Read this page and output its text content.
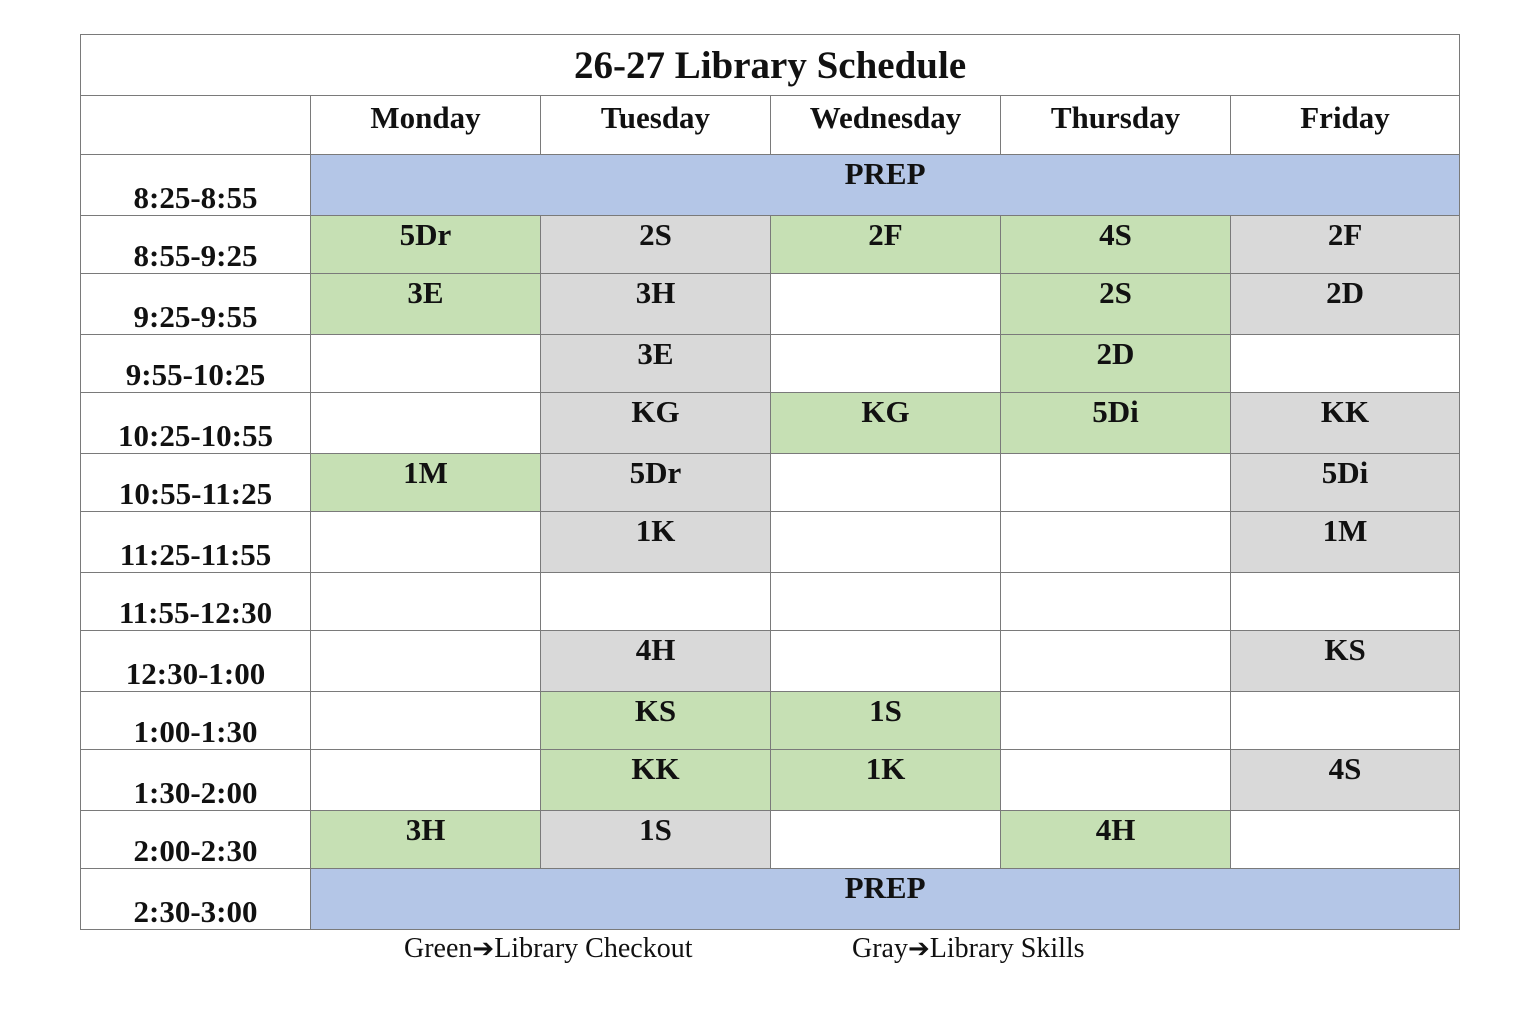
26-27 Library Schedule					
	Monday	Tuesday	Wednesday	Thursday	Friday
8:25-8:55	PREP				
8:55-9:25	5Dr	2S	2F	4S	2F
9:25-9:55	3E	3H		2S	2D
9:55-10:25		3E		2D	
10:25-10:55		KG	KG	5Di	KK
10:55-11:25	1M	5Dr			5Di
11:25-11:55		1K			1M
11:55-12:30					
12:30-1:00		4H			KS
1:00-1:30		KS	1S		
1:30-2:00		KK	1K		4S
2:00-2:30	3H	1S		4H	
2:30-3:00	PREP				
Green➔Library Checkout	Gray➔Library Skills
